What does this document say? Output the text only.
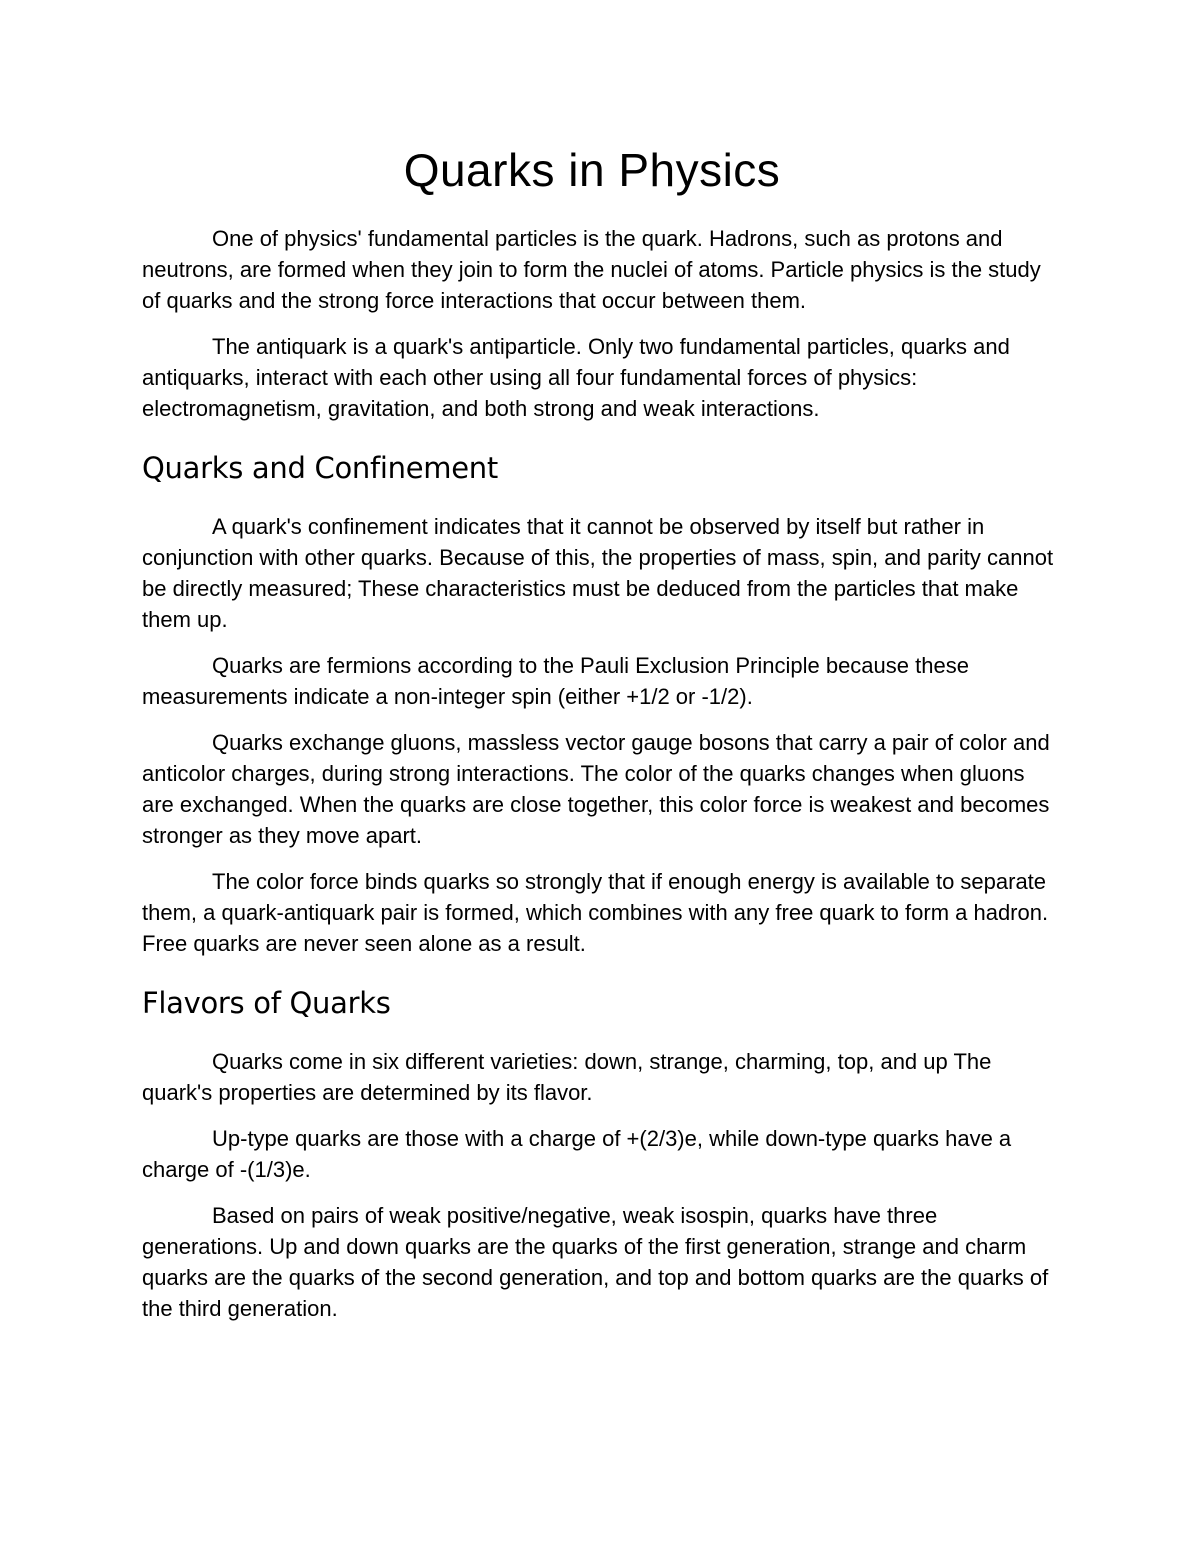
Quarks in Physics

One of physics' fundamental particles is the quark. Hadrons, such as protons and neutrons, are formed when they join to form the nuclei of atoms. Particle physics is the study of quarks and the strong force interactions that occur between them.

The antiquark is a quark's antiparticle. Only two fundamental particles, quarks and antiquarks, interact with each other using all four fundamental forces of physics: electromagnetism, gravitation, and both strong and weak interactions.

Quarks and Confinement

A quark's confinement indicates that it cannot be observed by itself but rather in conjunction with other quarks. Because of this, the properties of mass, spin, and parity cannot be directly measured; These characteristics must be deduced from the particles that make them up.

Quarks are fermions according to the Pauli Exclusion Principle because these measurements indicate a non-integer spin (either +1/2 or -1/2).

Quarks exchange gluons, massless vector gauge bosons that carry a pair of color and anticolor charges, during strong interactions. The color of the quarks changes when gluons are exchanged. When the quarks are close together, this color force is weakest and becomes stronger as they move apart.

The color force binds quarks so strongly that if enough energy is available to separate them, a quark-antiquark pair is formed, which combines with any free quark to form a hadron. Free quarks are never seen alone as a result.

Flavors of Quarks

Quarks come in six different varieties: down, strange, charming, top, and up The quark's properties are determined by its flavor.

Up-type quarks are those with a charge of +(2/3)e, while down-type quarks have a charge of -(1/3)e.

Based on pairs of weak positive/negative, weak isospin, quarks have three generations. Up and down quarks are the quarks of the first generation, strange and charm quarks are the quarks of the second generation, and top and bottom quarks are the quarks of the third generation.
